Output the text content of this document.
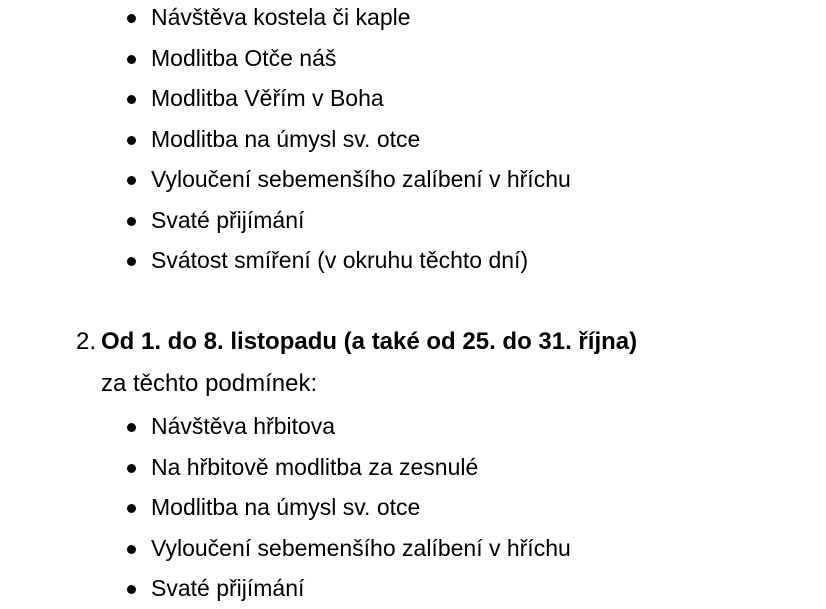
Návštěva kostela či kaple
Modlitba Otče náš
Modlitba Věřím v Boha
Modlitba na úmysl sv. otce
Vyloučení sebemenšího zalíbení v hříchu
Svaté přijímání
Svátost smíření (v okruhu těchto dní)
2. Od 1. do 8. listopadu (a také od 25. do 31. října)
za těchto podmínek:
Návštěva hřbitova
Na hřbitově modlitba za zesnulé
Modlitba na úmysl sv. otce
Vyloučení sebemenšího zalíbení v hříchu
Svaté přijímání
